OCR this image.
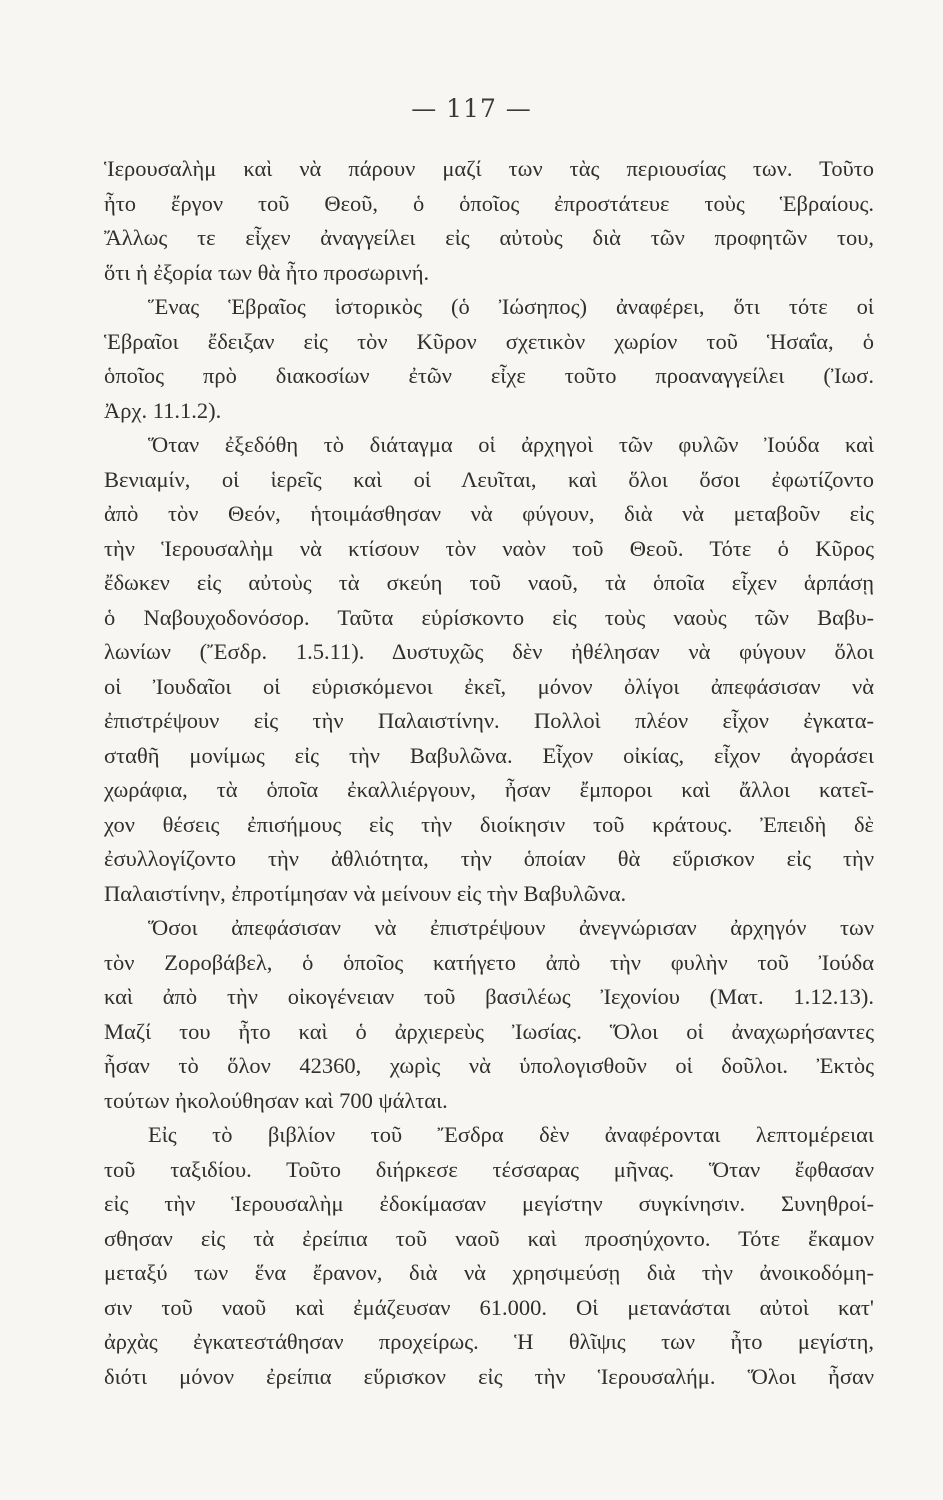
— 117 —
Ἱερουσαλὴμ καὶ νὰ πάρουν μαζί των τὰς περιουσίας των. Τοῦτο
ἦτο ἔργον τοῦ Θεοῦ, ὁ ὁποῖος ἐπροστάτευε τοὺς Ἑβραίους.
Ἄλλως τε εἶχεν ἀναγγείλει εἰς αὐτοὺς διὰ τῶν προφητῶν του,
ὅτι ἡ ἐξορία των θὰ ἦτο προσωρινή.
Ἕνας Ἑβραῖος ἱστορικὸς (ὁ Ἰώσηπος) ἀναφέρει, ὅτι τότε οἱ
Ἑβραῖοι ἔδειξαν εἰς τὸν Κῦρον σχετικὸν χωρίον τοῦ Ἡσαΐα, ὁ
ὁποῖος πρὸ διακοσίων ἐτῶν εἶχε τοῦτο προαναγγείλει (Ἰωσ.
Ἀρχ. 11.1.2).
Ὅταν ἐξεδόθη τὸ διάταγμα οἱ ἀρχηγοὶ τῶν φυλῶν Ἰούδα καὶ
Βενιαμίν, οἱ ἱερεῖς καὶ οἱ Λευῖται, καὶ ὅλοι ὅσοι ἐφωτίζοντο
ἀπὸ τὸν Θεόν, ἡτοιμάσθησαν νὰ φύγουν, διὰ νὰ μεταβοῦν εἰς
τὴν Ἱερουσαλὴμ νὰ κτίσουν τὸν ναὸν τοῦ Θεοῦ. Τότε ὁ Κῦρος
ἔδωκεν εἰς αὐτοὺς τὰ σκεύη τοῦ ναοῦ, τὰ ὁποῖα εἶχεν ἁρπάσῃ
ὁ Ναβουχοδονόσορ. Ταῦτα εὑρίσκοντο εἰς τοὺς ναοὺς τῶν Βαβυ-
λωνίων (Ἔσδρ. 1.5.11). Δυστυχῶς δὲν ἠθέλησαν νὰ φύγουν ὅλοι
οἱ Ἰουδαῖοι οἱ εὑρισκόμενοι ἐκεῖ, μόνον ὀλίγοι ἀπεφάσισαν νὰ
ἐπιστρέψουν εἰς τὴν Παλαιστίνην. Πολλοὶ πλέον εἶχον ἐγκατα-
σταθῆ μονίμως εἰς τὴν Βαβυλῶνα. Εἶχον οἰκίας, εἶχον ἀγοράσει
χωράφια, τὰ ὁποῖα ἐκαλλιέργουν, ἦσαν ἔμποροι καὶ ἄλλοι κατεῖ-
χον θέσεις ἐπισήμους εἰς τὴν διοίκησιν τοῦ κράτους. Ἐπειδὴ δὲ
ἐσυλλογίζοντο τὴν ἀθλιότητα, τὴν ὁποίαν θὰ εὕρισκον εἰς τὴν
Παλαιστίνην, ἐπροτίμησαν νὰ μείνουν εἰς τὴν Βαβυλῶνα.
Ὅσοι ἀπεφάσισαν νὰ ἐπιστρέψουν ἀνεγνώρισαν ἀρχηγόν των
τὸν Ζοροβάβελ, ὁ ὁποῖος κατήγετο ἀπὸ τὴν φυλὴν τοῦ Ἰούδα
καὶ ἀπὸ τὴν οἰκογένειαν τοῦ βασιλέως Ἰεχονίου (Ματ. 1.12.13).
Μαζί του ἦτο καὶ ὁ ἀρχιερεὺς Ἰωσίας. Ὅλοι οἱ ἀναχωρήσαντες
ἦσαν τὸ ὅλον 42360, χωρὶς νὰ ὑπολογισθοῦν οἱ δοῦλοι. Ἐκτὸς
τούτων ἠκολούθησαν καὶ 700 ψάλται.
Εἰς τὸ βιβλίον τοῦ Ἔσδρα δὲν ἀναφέρονται λεπτομέρειαι
τοῦ ταξιδίου. Τοῦτο διήρκεσε τέσσαρας μῆνας. Ὅταν ἔφθασαν
εἰς τὴν Ἱερουσαλὴμ ἐδοκίμασαν μεγίστην συγκίνησιν. Συνηθροί-
σθησαν εἰς τὰ ἐρείπια τοῦ ναοῦ καὶ προσηύχοντο. Τότε ἔκαμον
μεταξύ των ἕνα ἔρανον, διὰ νὰ χρησιμεύσῃ διὰ τὴν ἀνοικοδόμη-
σιν τοῦ ναοῦ καὶ ἐμάζευσαν 61.000. Οἱ μετανάσται αὐτοὶ κατ'
ἀρχὰς ἐγκατεστάθησαν προχείρως. Ἡ θλῖψις των ἦτο μεγίστη,
διότι μόνον ἐρείπια εὕρισκον εἰς τὴν Ἱερουσαλήμ. Ὅλοι ἦσαν
